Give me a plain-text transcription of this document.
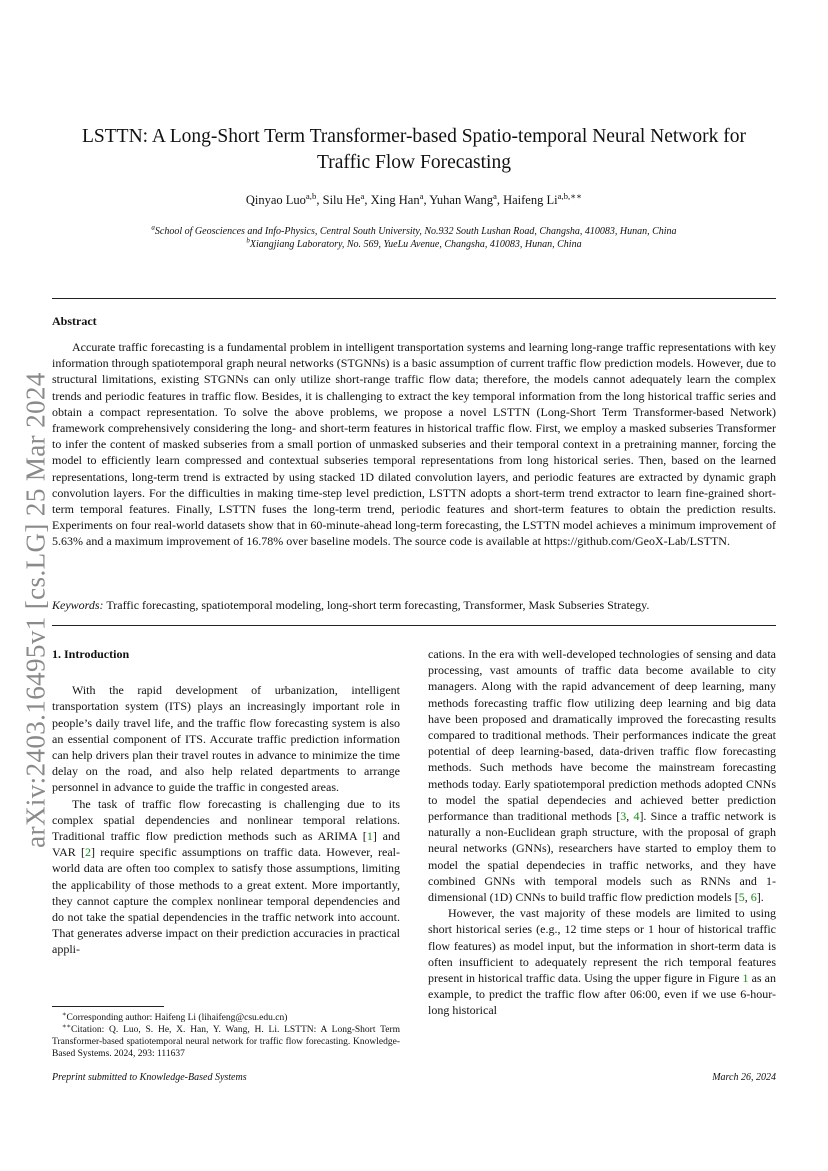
arXiv:2403.16495v1 [cs.LG] 25 Mar 2024
LSTTN: A Long-Short Term Transformer-based Spatio-temporal Neural Network for
Traffic Flow Forecasting
Qinyao Luo$^{a,b}$, Silu He$^a$, Xing Han$^a$, Yuhan Wang$^a$, Haifeng $Li^{a,b,∗∗}$
$^a$School of Geosciences and Info-Physics, Central South University, No.932 South Lushan Road, Changsha, 410083, Hunan, China
$^b$Xiangjiang Laboratory, No. 569, YueLu Avenue, Changsha, 410083, Hunan, China
Abstract

Accurate traffic forecasting is a fundamental problem in intelligent transportation systems and learning long-range traffic representations with key information through spatiotemporal graph neural networks (STGNNs) is a basic assumption of current traffic flow prediction models. However, due to structural limitations, existing STGNNs can only utilize short-range traffic flow data; therefore, the models cannot adequately learn the complex trends and periodic features in traffic flow. Besides, it is challenging to extract the key temporal information from the long historical traffic series and obtain a compact representation. To solve the above problems, we propose a novel LSTTN (Long-Short Term Transformer-based Network) framework comprehensively considering the long- and short-term features in historical traffic flow. First, we employ a masked subseries Transformer to infer the content of masked subseries from a small portion of unmasked subseries and their temporal context in a pretraining manner, forcing the model to efficiently learn compressed and contextual subseries temporal representations from long historical series. Then, based on the learned representations, long-term trend is extracted by using stacked 1D dilated convolution layers, and periodic features are extracted by dynamic graph convolution layers. For the difficulties in making time-step level prediction, LSTTN adopts a short-term trend extractor to learn fine-grained short-term temporal features. Finally, LSTTN fuses the long-term trend, periodic features and short-term features to obtain the prediction results. Experiments on four real-world datasets show that in 60-minute-ahead long-term forecasting, the LSTTN model achieves a minimum improvement of 5.63% and a maximum improvement of 16.78% over baseline models. The source code is available at https://github.com/GeoX-Lab/LSTTN.

Keywords: Traffic forecasting, spatiotemporal modeling, long-short term forecasting, Transformer, Mask Subseries Strategy.

1. Introduction

With the rapid development of urbanization, intelligent transportation system (ITS) plays an increasingly important role in people’s daily travel life, and the traffic flow forecasting system is also an essential component of ITS. Accurate traffic prediction information can help drivers plan their travel routes in advance to minimize the time delay on the road, and also help related departments to arrange personnel in advance to guide the traffic in congested areas.

The task of traffic flow forecasting is challenging due to its complex spatial dependencies and nonlinear temporal relations. Traditional traffic flow prediction methods such as ARIMA [1] and VAR [2] require specific assumptions on traffic data. However, real-world data are often too complex to satisfy those assumptions, limiting the applicability of those methods to a great extent. More importantly, they cannot capture the complex nonlinear temporal dependencies and do not take the spatial dependencies in the traffic network into account. That generates adverse impact on their prediction accuracies in practical appli-

cations. In the era with well-developed technologies of sensing and data processing, vast amounts of traffic data become available to city managers. Along with the rapid advancement of deep learning, many methods forecasting traffic flow utilizing deep learning and big data have been proposed and dramatically improved the forecasting results compared to traditional methods. Their performances indicate the great potential of deep learning-based, data-driven traffic flow forecasting methods. Such methods have become the mainstream forecasting methods today. Early spatiotemporal prediction methods adopted CNNs to model the spatial dependecies and achieved better prediction performance than traditional methods [3, 4]. Since a traffic network is naturally a non-Euclidean graph structure, with the proposal of graph neural networks (GNNs), researchers have started to employ them to model the spatial dependecies in traffic networks, and they have combined GNNs with temporal models such as RNNs and 1-dimensional (1D) CNNs to build traffic flow prediction models [5, 6].

However, the vast majority of these models are limited to using short historical series (e.g., 12 time steps or 1 hour of historical traffic flow features) as model input, but the information in short-term data is often insufficient to adequately represent the rich temporal features present in historical traffic data. Using the upper figure in Figure 1 as an example, to predict the traffic flow after 06:00, even if we use 6-hour-long historical

∗Corresponding author: Haifeng Li (lihaifeng@csu.edu.cn)

∗∗Citation: Q. Luo, S. He, X. Han, Y. Wang, H. Li. LSTTN: A Long-Short Term Transformer-based spatiotemporal neural network for traffic flow forecasting. Knowledge-Based Systems. 2024, 293: 111637

Preprint submitted to Knowledge-Based Systems	March 26, 2024
